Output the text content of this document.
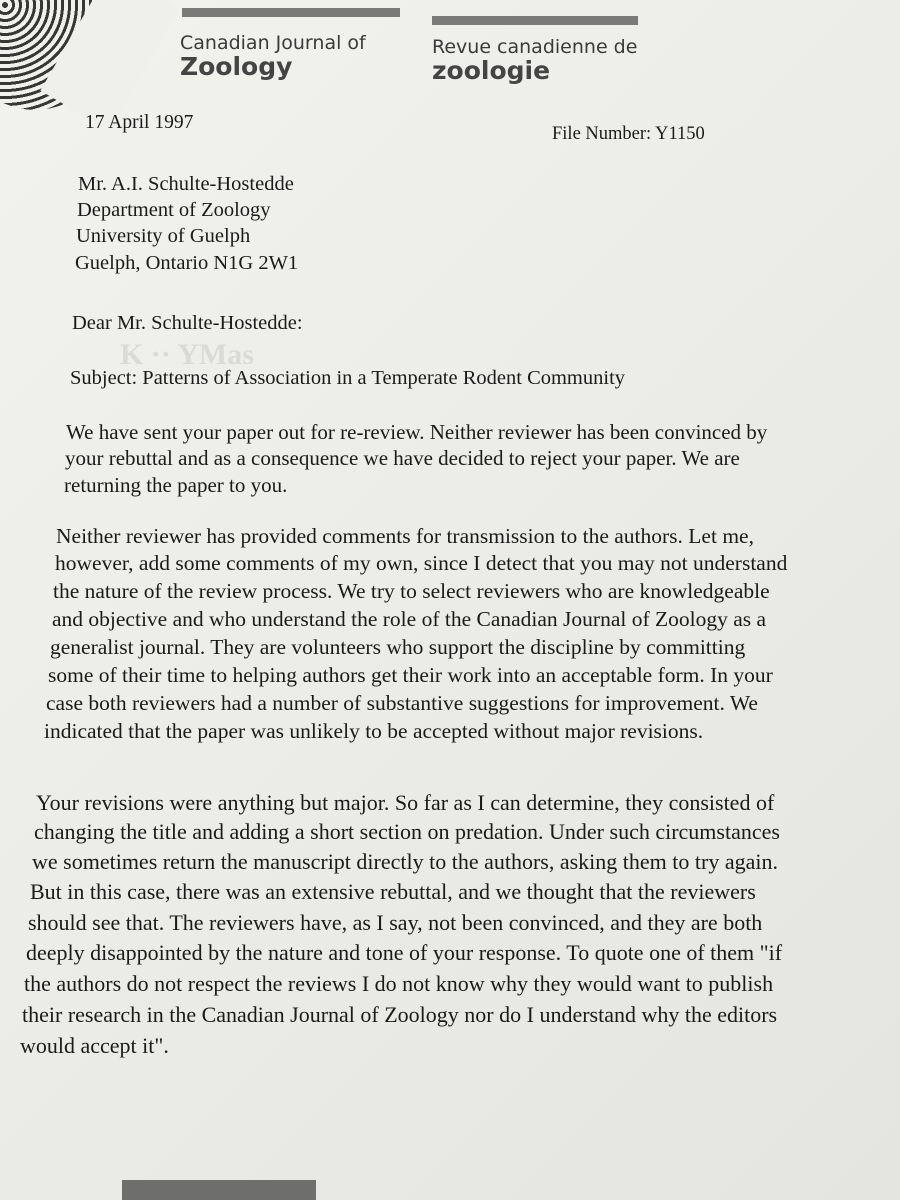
K ·· Y​Mas
Canadian Journal of
Zoology
Revue canadienne de
zoologie
17 April 1997
File Number: Y1150
Mr. A.I. Schulte-Hostedde
Department of Zoology
University of Guelph
Guelph, Ontario N1G 2W1
Dear Mr. Schulte-Hostedde:
Subject: Patterns of Association in a Temperate Rodent Community
We have sent your paper out for re-review. Neither reviewer has been convinced by
your rebuttal and as a consequence we have decided to reject your paper. We are
returning the paper to you.
Neither reviewer has provided comments for transmission to the authors. Let me,
however, add some comments of my own, since I detect that you may not understand
the nature of the review process. We try to select reviewers who are knowledgeable
and objective and who understand the role of the Canadian Journal of Zoology as a
generalist journal. They are volunteers who support the discipline by committing
some of their time to helping authors get their work into an acceptable form. In your
case both reviewers had a number of substantive suggestions for improvement. We
indicated that the paper was unlikely to be accepted without major revisions.
Your revisions were anything but major. So far as I can determine, they consisted of
changing the title and adding a short section on predation. Under such circumstances
we sometimes return the manuscript directly to the authors, asking them to try again.
But in this case, there was an extensive rebuttal, and we thought that the reviewers
should see that. The reviewers have, as I say, not been convinced, and they are both
deeply disappointed by the nature and tone of your response. To quote one of them "if
the authors do not respect the reviews I do not know why they would want to publish
their research in the Canadian Journal of Zoology nor do I understand why the editors
would accept it".
